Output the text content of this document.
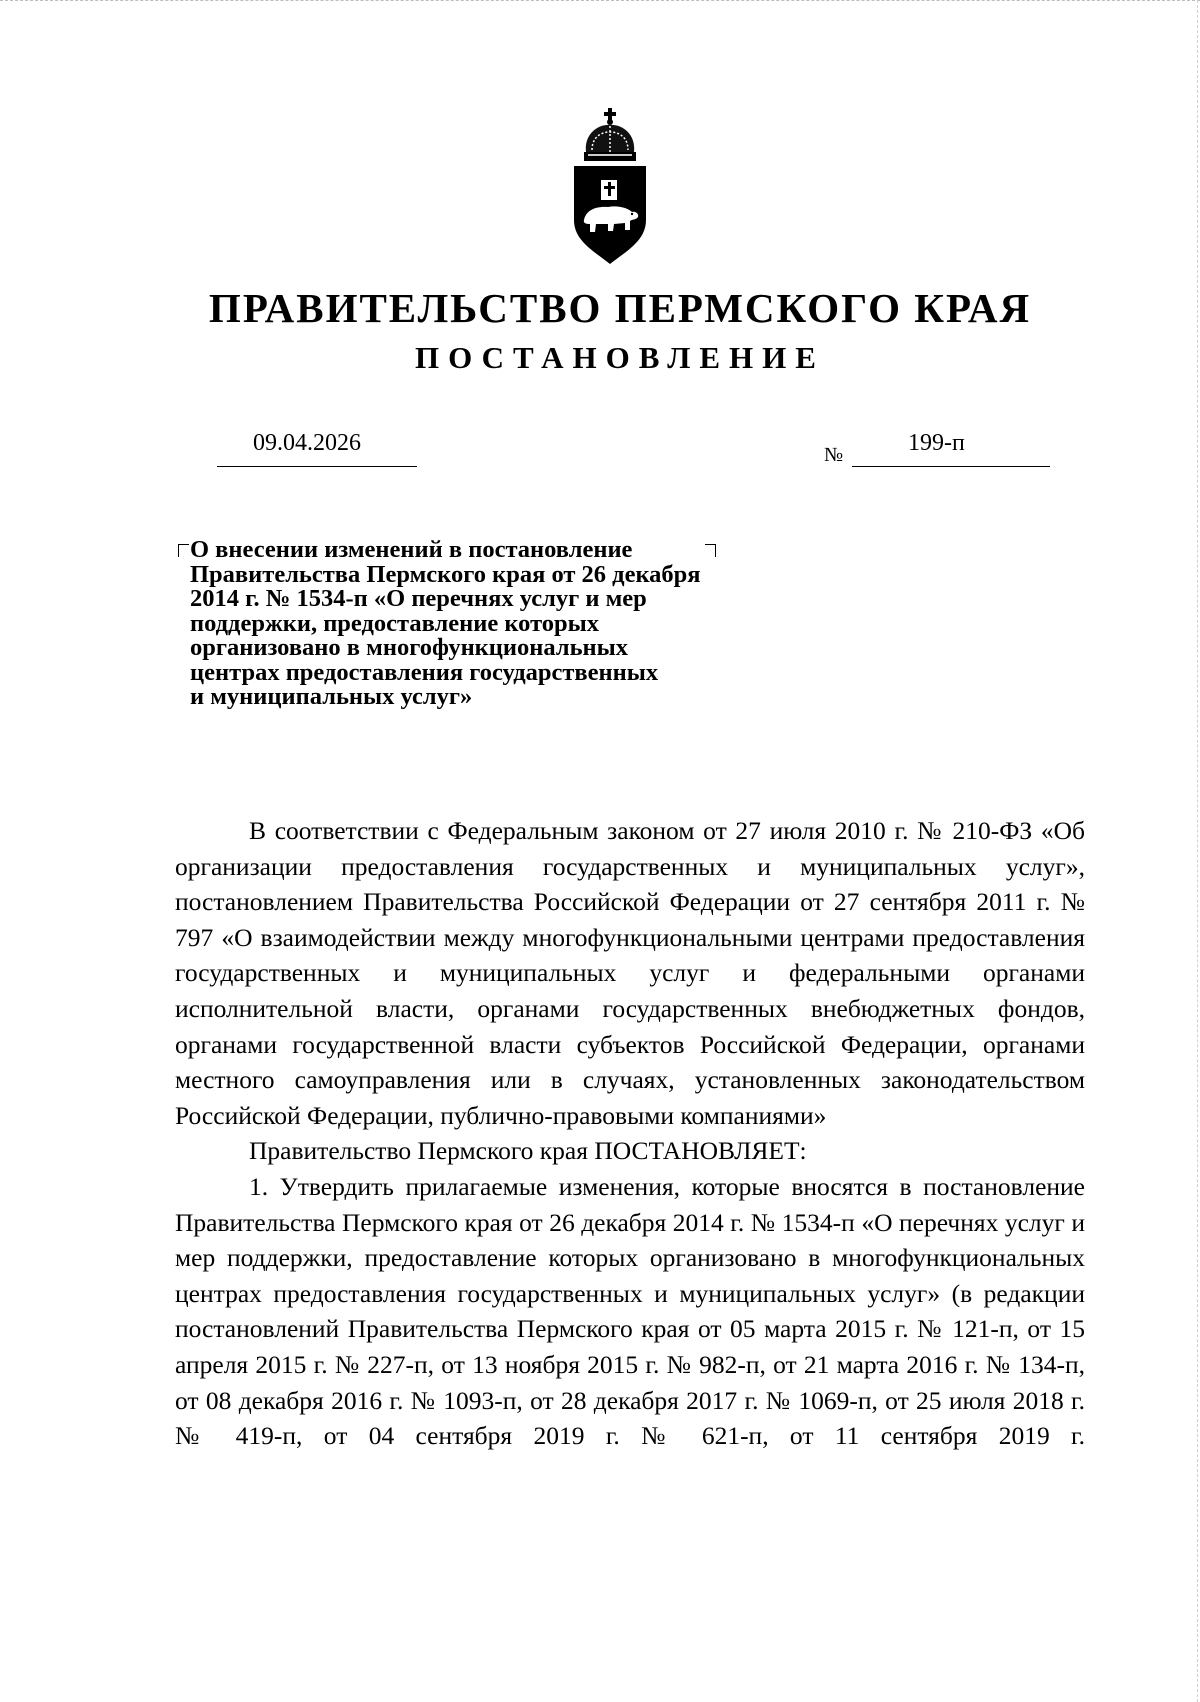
ПРАВИТЕЛЬСТВО ПЕРМСКОГО КРАЯ
ПОСТАНОВЛЕНИЕ
09.04.2026	№	199-п
О внесении изменений в постановление
Правительства Пермского края от 26 декабря
2014 г. № 1534-п «О перечнях услуг и мер
поддержки, предоставление которых
организовано в многофункциональных
центрах предоставления государственных
и муниципальных услуг»

В соответствии с Федеральным законом от 27 июля 2010 г. № 210-ФЗ «Об организации предоставления государственных и муниципальных услуг», постановлением Правительства Российской Федерации от 27 сентября 2011 г. № 797 «О взаимодействии между многофункциональными центрами предоставления государственных и муниципальных услуг и федеральными органами исполнительной власти, органами государственных внебюджетных фондов, органами государственной власти субъектов Российской Федерации, органами местного самоуправления или в случаях, установленных законодательством Российской Федерации, публично-правовыми компаниями»

Правительство Пермского края ПОСТАНОВЛЯЕТ:

1. Утвердить прилагаемые изменения, которые вносятся в постановление Правительства Пермского края от 26 декабря 2014 г. № 1534-п «О перечнях услуг и мер поддержки, предоставление которых организовано в многофункциональных центрах предоставления государственных и муниципальных услуг» (в редакции постановлений Правительства Пермского края от 05 марта 2015 г. № 121-п, от 15 апреля 2015 г. № 227-п, от 13 ноября 2015 г. № 982-п, от 21 марта 2016 г. № 134-п, от 08 декабря 2016 г. № 1093-п, от 28 декабря 2017 г. № 1069-п, от 25 июля 2018 г. № 419-п, от 04 сентября 2019 г. № 621-п, от 11 сентября 2019 г.
